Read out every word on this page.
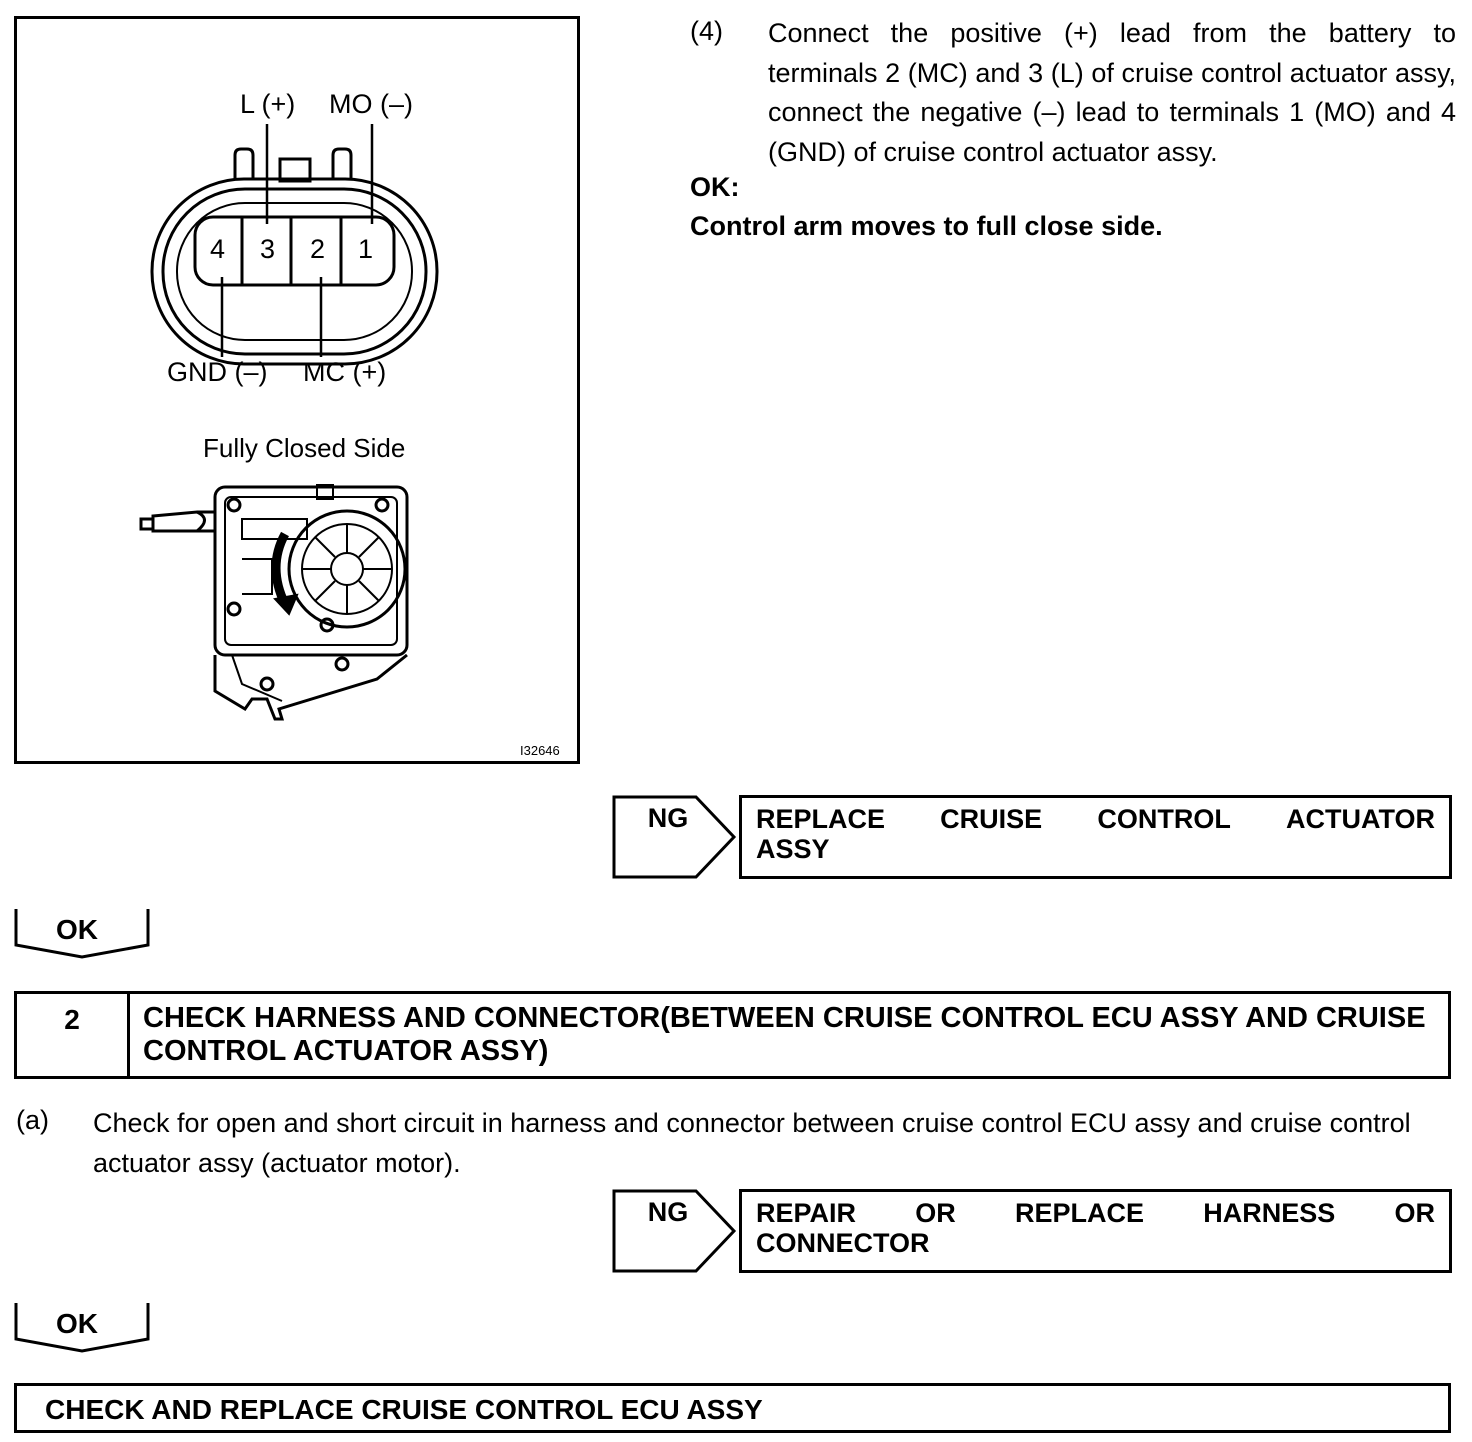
L (+) MO (–)
GND (–) MC (+)
4 3 2 1
Fully Closed Side
I32646
(4) Connect the positive (+) lead from the battery to terminals 2 (MC) and 3 (L) of cruise control actuator assy, connect the negative (–) lead to terminals 1 (MO) and 4 (GND) of cruise control actuator assy.
OK:
Control arm moves to full close side.
NG	REPLACE CRUISE CONTROL ACTUATOR
ASSY
OK
2	CHECK HARNESS AND CONNECTOR(BETWEEN CRUISE CONTROL ECU ASSY AND CRUISE CONTROL ACTUATOR ASSY)
(a) Check for open and short circuit in harness and connector between cruise control ECU assy and cruise control actuator assy (actuator motor).
NG	REPAIR OR REPLACE HARNESS OR
CONNECTOR
OK
CHECK AND REPLACE CRUISE CONTROL ECU ASSY
